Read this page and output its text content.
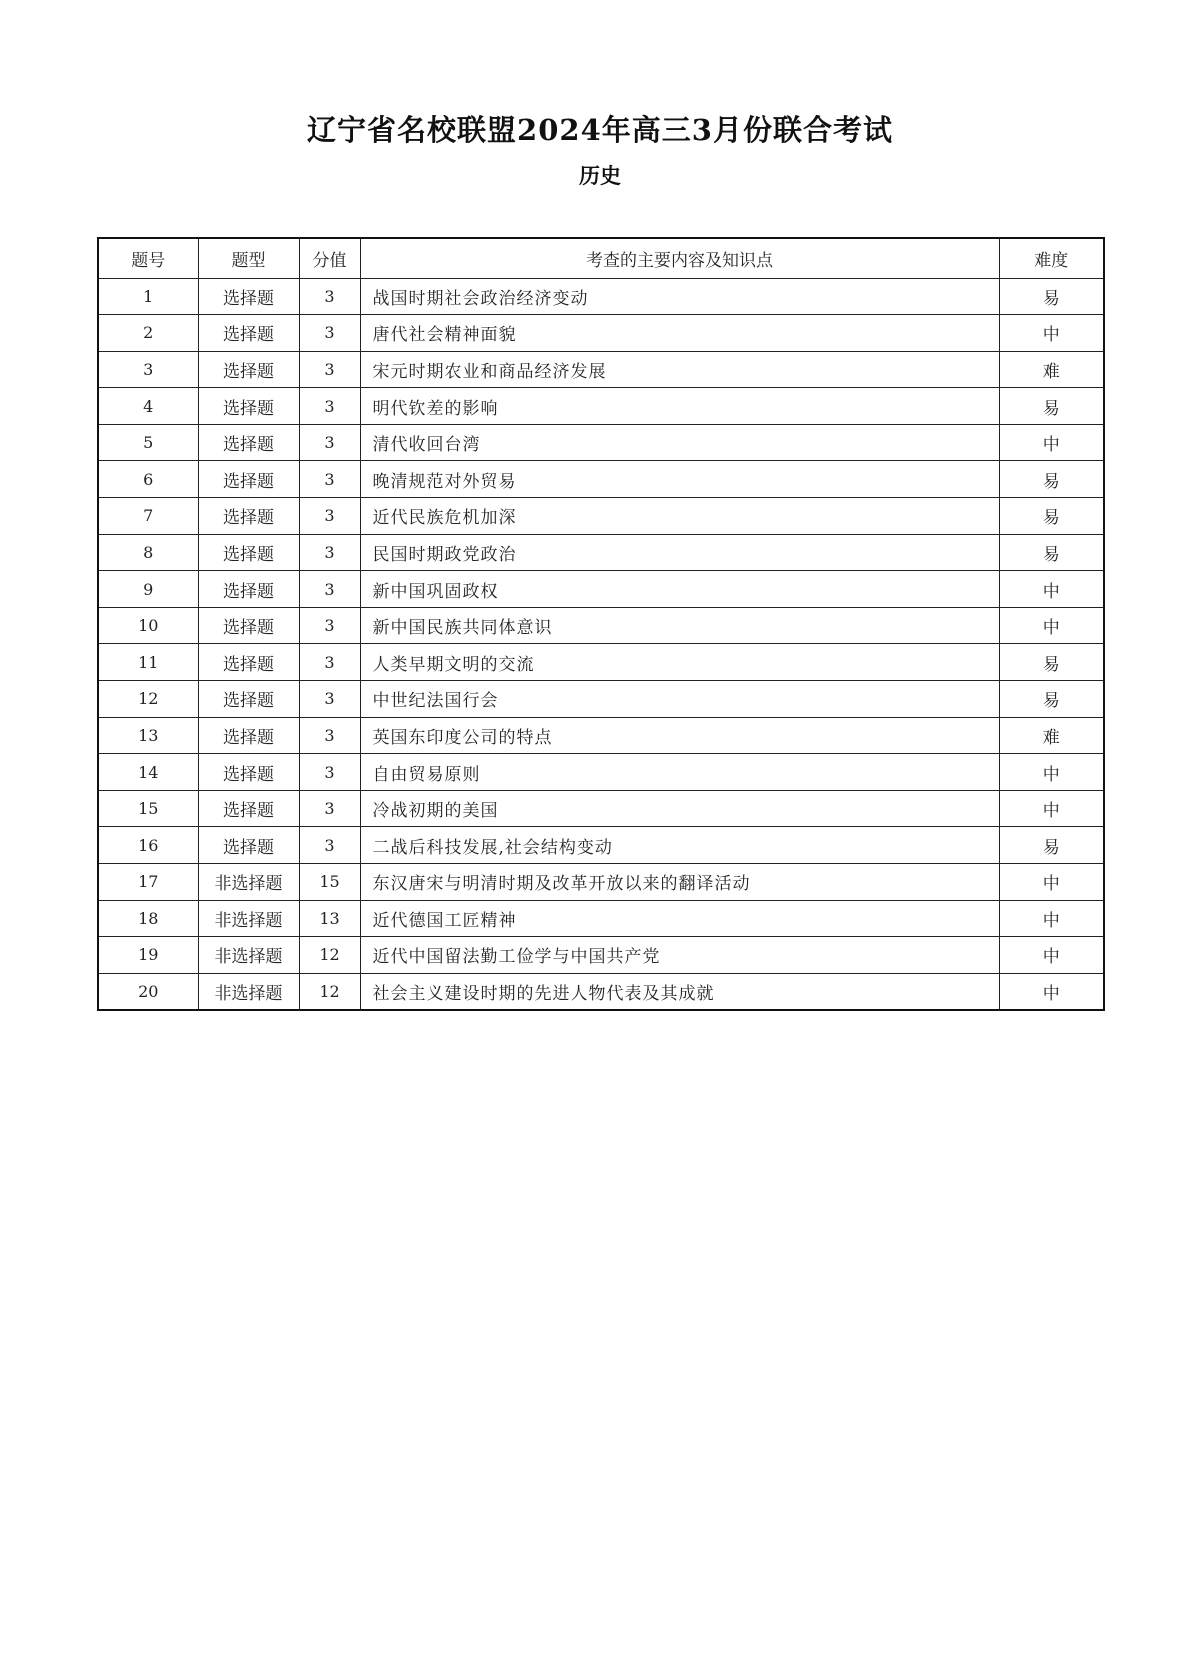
辽宁省名校联盟2024年高三3月份联合考试
历史
题号	题型	分值	考查的主要内容及知识点	难度
1	选择题	3	战国时期社会政治经济变动	易
2	选择题	3	唐代社会精神面貌	中
3	选择题	3	宋元时期农业和商品经济发展	难
4	选择题	3	明代钦差的影响	易
5	选择题	3	清代收回台湾	中
6	选择题	3	晚清规范对外贸易	易
7	选择题	3	近代民族危机加深	易
8	选择题	3	民国时期政党政治	易
9	选择题	3	新中国巩固政权	中
10	选择题	3	新中国民族共同体意识	中
11	选择题	3	人类早期文明的交流	易
12	选择题	3	中世纪法国行会	易
13	选择题	3	英国东印度公司的特点	难
14	选择题	3	自由贸易原则	中
15	选择题	3	冷战初期的美国	中
16	选择题	3	二战后科技发展,社会结构变动	易
17	非选择题	15	东汉唐宋与明清时期及改革开放以来的翻译活动	中
18	非选择题	13	近代德国工匠精神	中
19	非选择题	12	近代中国留法勤工俭学与中国共产党	中
20	非选择题	12	社会主义建设时期的先进人物代表及其成就	中
